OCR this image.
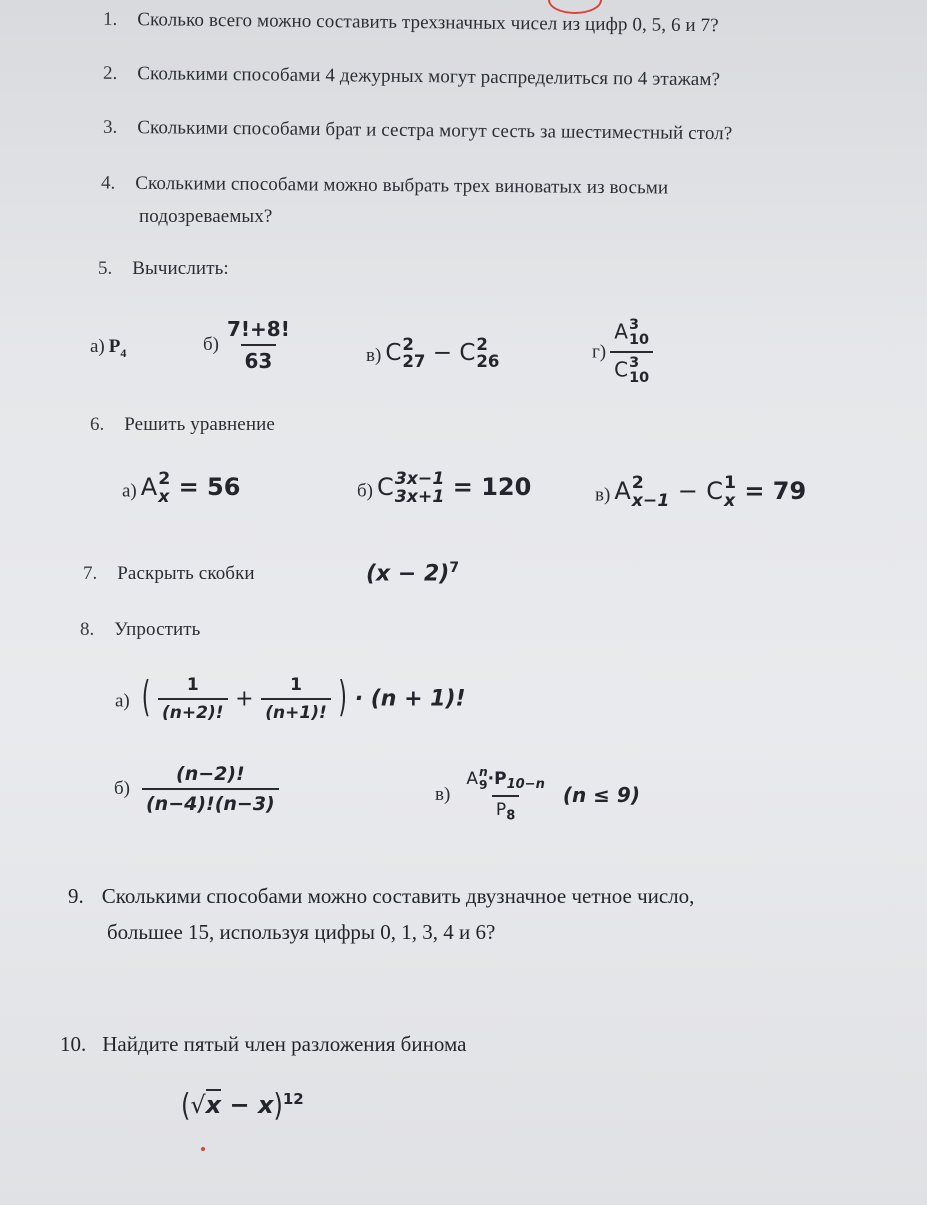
1. Сколько всего можно составить трехзначных чисел из цифр 0, 5, 6 и 7?
2. Сколькими способами 4 дежурных могут распределиться по 4 этажам?
3. Сколькими способами брат и сестра могут сесть за шестиместный стол?
4. Сколькими способами можно выбрать трех виноватых из восьми
подозреваемых?
5. Вычислить:
а) $P_4$	$б) \frac{7!+8!}{63}$	в) C 2
27 − C 2
26	г) A 3
10
C 3
10
6. Решить уравнение
а) A 2
x = 56	б) C 3x−1
3x+1 = 120	в) A 2
x−1 − C 1
x = 79
7. Раскрыть скобки	$(x - 2)^7$
8. Упростить
а) ( $\frac{1}{(n+2)!} + \frac{1}{(n+1)!}$ ) · (n + 1)!
$б) \frac{(n-2)!}{(n-4)!(n-3)}$	в) A n
$9 \cdot P_{10-n}$
$P_8$ (n ≤ 9)
9. Сколькими способами можно составить двузначное четное число,
большее 15, используя цифры 0, 1, 3, 4 и 6?
10. Найдите пятый член разложения бинома
$(√x - x)^{12}$
